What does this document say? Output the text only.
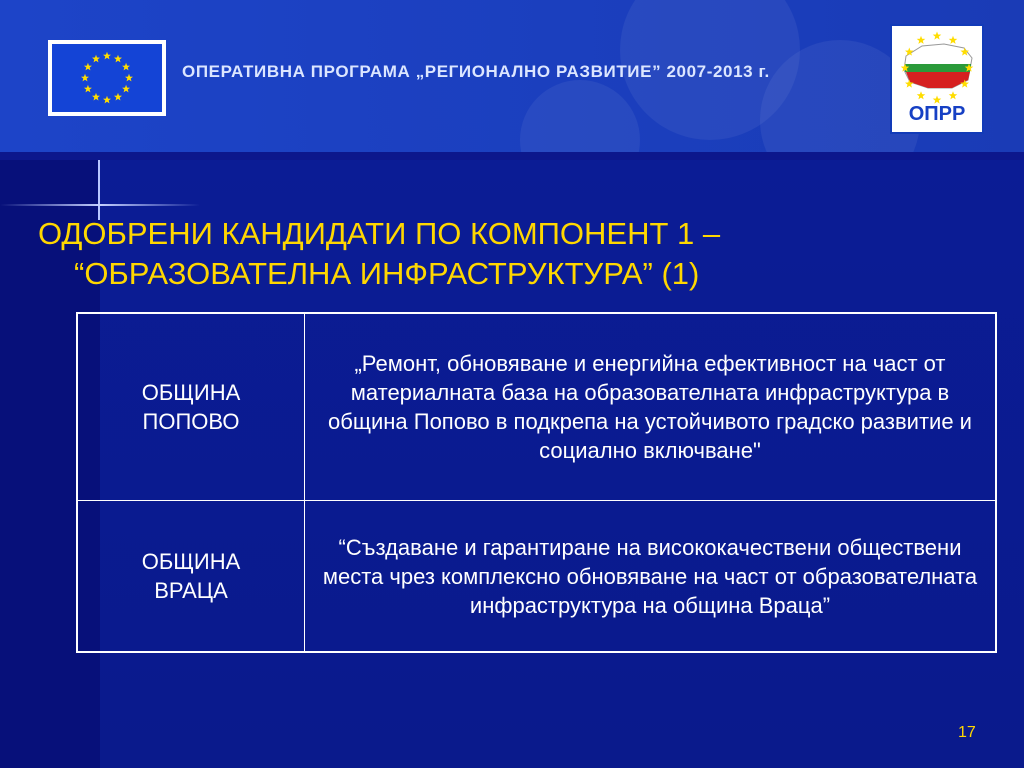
ОПЕРАТИВНА ПРОГРАМА „РЕГИОНАЛНО РАЗВИТИЕ” 2007-2013 г.
ОПРР
ОДОБРЕНИ КАНДИДАТИ ПО КОМПОНЕНТ 1 –
“ОБРАЗОВАТЕЛНА ИНФРАСТРУКТУРА” (1)
ОБЩИНА
ПОПОВО	„Ремонт, обновяване и енергийна ефективност на част от материалната база на образователната инфраструктура в община Попово в подкрепа на устойчивото градско развитие и социално включване"
ОБЩИНА
ВРАЦА	“Създаване и гарантиране на висококачествени обществени места чрез комплексно обновяване на част от образователната инфраструктура на община Враца”
17
